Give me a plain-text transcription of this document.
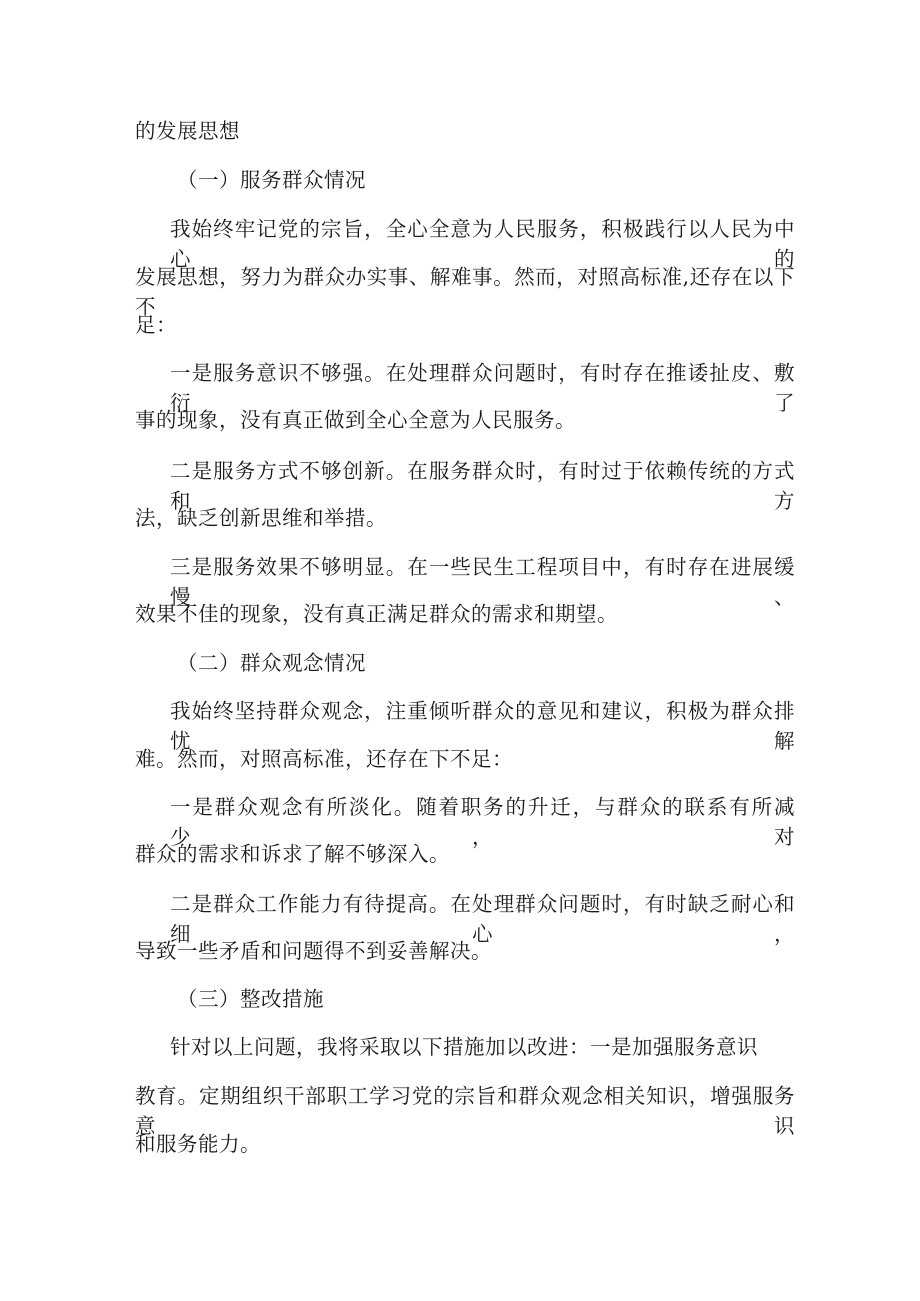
的发展思想
（一）服务群众情况
我始终牢记党的宗旨，全心全意为人民服务，积极践行以人民为中心的
发展思想，努力为群众办实事、解难事。然而，对照高标准,还存在以下不
足：
一是服务意识不够强。在处理群众问题时，有时存在推诿扯皮、敷衍了
事的现象，没有真正做到全心全意为人民服务。
二是服务方式不够创新。在服务群众时，有时过于依赖传统的方式和方
法，缺乏创新思维和举措。
三是服务效果不够明显。在一些民生工程项目中，有时存在进展缓慢、
效果不佳的现象，没有真正满足群众的需求和期望。
（二）群众观念情况
我始终坚持群众观念，注重倾听群众的意见和建议，积极为群众排忧解
难。然而，对照高标准，还存在下不足：
一是群众观念有所淡化。随着职务的升迁，与群众的联系有所减少，对
群众的需求和诉求了解不够深入。
二是群众工作能力有待提高。在处理群众问题时，有时缺乏耐心和细心，
导致一些矛盾和问题得不到妥善解决。
（三）整改措施
针对以上问题，我将采取以下措施加以改进：一是加强服务意识
教育。定期组织干部职工学习党的宗旨和群众观念相关知识，增强服务意识
和服务能力。
